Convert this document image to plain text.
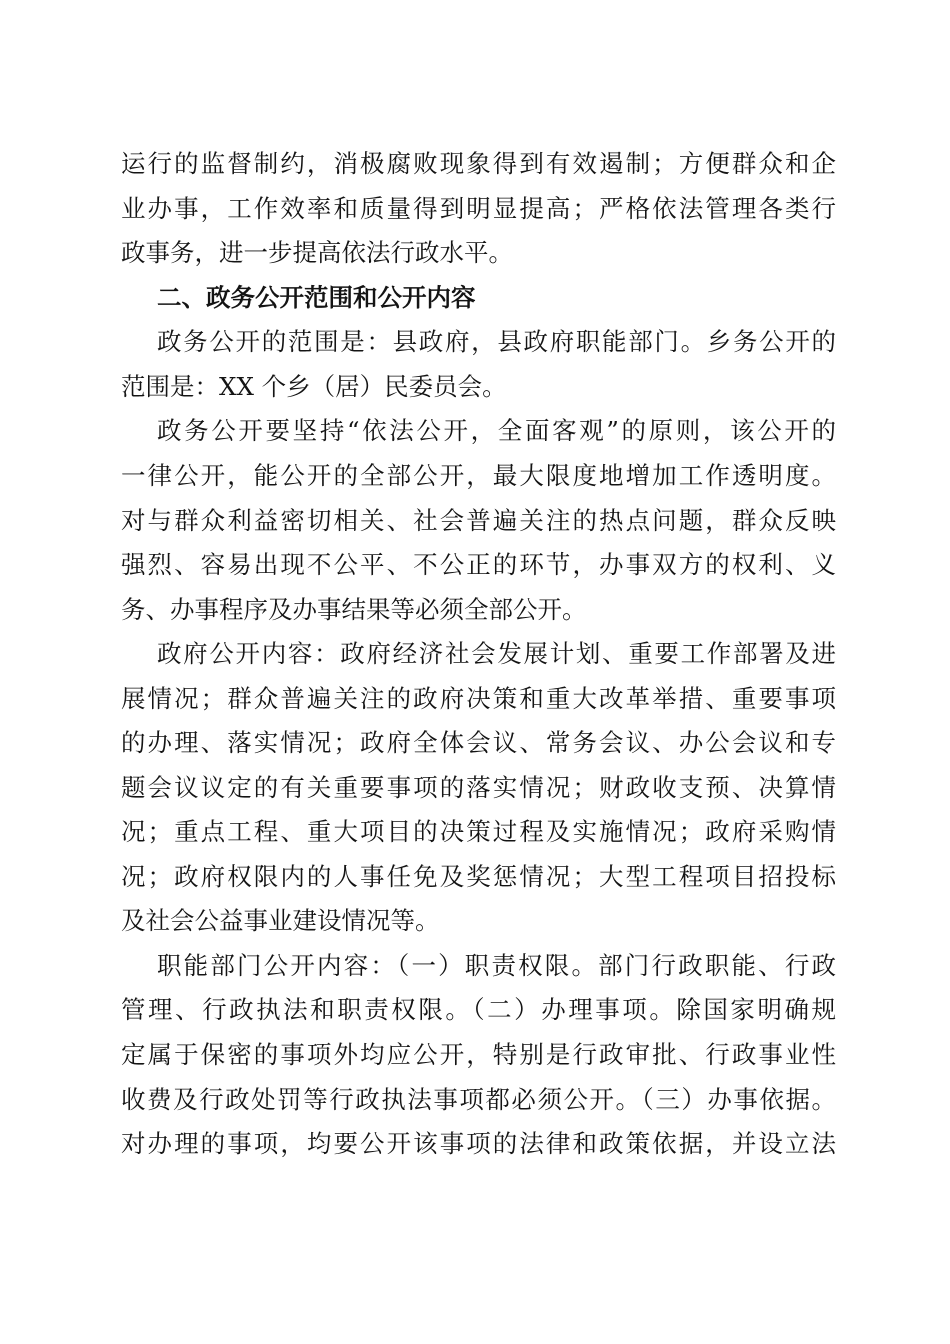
运行的监督制约，消极腐败现象得到有效遏制；方便群众和企
业办事，工作效率和质量得到明显提高；严格依法管理各类行
政事务，进一步提高依法行政水平。
二、政务公开范围和公开内容
政务公开的范围是：县政府，县政府职能部门。乡务公开的
范围是：XX 个乡（居）民委员会。
政务公开要坚持“依法公开，全面客观”的原则，该公开的
一律公开，能公开的全部公开，最大限度地增加工作透明度。
对与群众利益密切相关、社会普遍关注的热点问题，群众反映
强烈、容易出现不公平、不公正的环节，办事双方的权利、义
务、办事程序及办事结果等必须全部公开。
政府公开内容：政府经济社会发展计划、重要工作部署及进
展情况；群众普遍关注的政府决策和重大改革举措、重要事项
的办理、落实情况；政府全体会议、常务会议、办公会议和专
题会议议定的有关重要事项的落实情况；财政收支预、决算情
况；重点工程、重大项目的决策过程及实施情况；政府采购情
况；政府权限内的人事任免及奖惩情况；大型工程项目招投标
及社会公益事业建设情况等。
职能部门公开内容：（一）职责权限。部门行政职能、行政
管理、行政执法和职责权限。（二）办理事项。除国家明确规
定属于保密的事项外均应公开，特别是行政审批、行政事业性
收费及行政处罚等行政执法事项都必须公开。（三）办事依据。
对办理的事项，均要公开该事项的法律和政策依据，并设立法
